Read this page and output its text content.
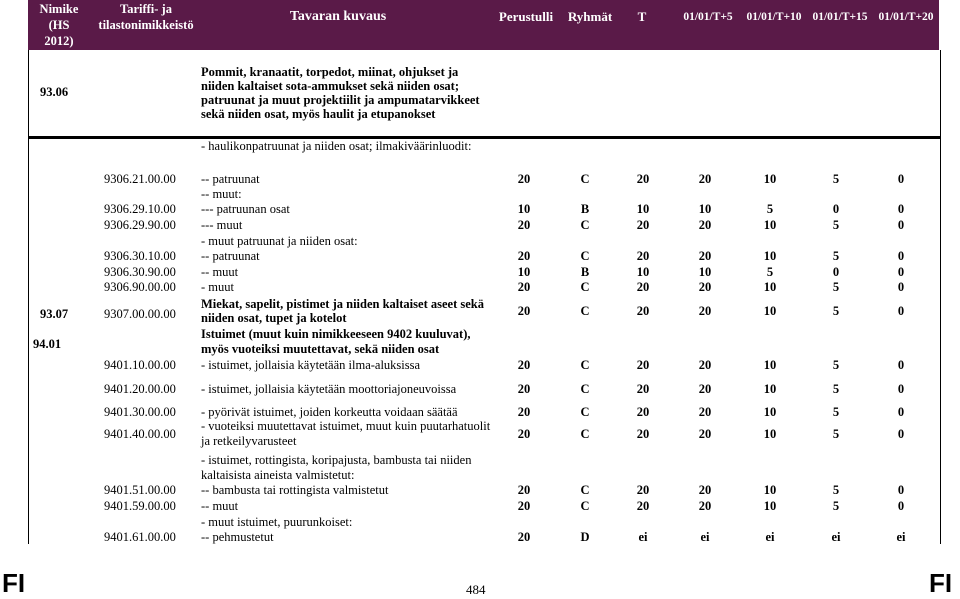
Nimike
(HS
2012)
Tariffi- ja
tilastonimikkeistö
Tavaran kuvaus	Perustulli	Ryhmät	T	01/01/T+5	01/01/T+10 01/01/T+15 01/01/T+20
93.06
Pommit, kranaatit, torpedot, miinat, ohjukset ja
niiden kaltaiset sota-ammukset sekä niiden osat;
patruunat ja muut projektiilit ja ampumatarvikkeet
sekä niiden osat, myös haulit ja etupanokset
- haulikonpatruunat ja niiden osat; ilmakiväärinluodit:
9306.21.00.00 -- patruunat	20	C	20	20	10	5	0
-- muut:
9306.29.10.00 --- patruunan osat	10	B	10	10	5	0	0
9306.29.90.00 --- muut	20	C	20	20	10	5	0
- muut patruunat ja niiden osat:
9306.30.10.00 -- patruunat	20	C	20	20	10	5	0
9306.30.90.00 -- muut	10	B	10	10	5	0	0
9306.90.00.00 - muut	20	C	20	20	10	5	0
93.07	9307.00.00.00
Miekat, sapelit, pistimet ja niiden kaltaiset aseet sekä
niiden osat, tupet ja kotelot	20	C	20	20	10	5	0
94.01
Istuimet (muut kuin nimikkeeseen 9402 kuuluvat),
myös vuoteiksi muutettavat, sekä niiden osat
9401.10.00.00 - istuimet, jollaisia käytetään ilma-aluksissa	20	C	20	20	10	5	0
9401.20.00.00 - istuimet, jollaisia käytetään moottoriajoneuvoissa	20	C	20	20	10	5	0
9401.30.00.00 - pyörivät istuimet, joiden korkeutta voidaan säätää	20	C	20	20	10	5	0
9401.40.00.00
- vuoteiksi muutettavat istuimet, muut kuin puutarhatuolit
ja retkeilyvarusteet	20	C	20	20	10	5	0
- istuimet, rottingista, koripajusta, bambusta tai niiden
kaltaisista aineista valmistetut:
9401.51.00.00 -- bambusta tai rottingista valmistetut	20	C	20	20	10	5	0
9401.59.00.00 -- muut	20	C	20	20	10	5	0
- muut istuimet, puurunkoiset:
9401.61.00.00 -- pehmustetut	20	D	ei	ei	ei	ei	ei
FI	FI
484
